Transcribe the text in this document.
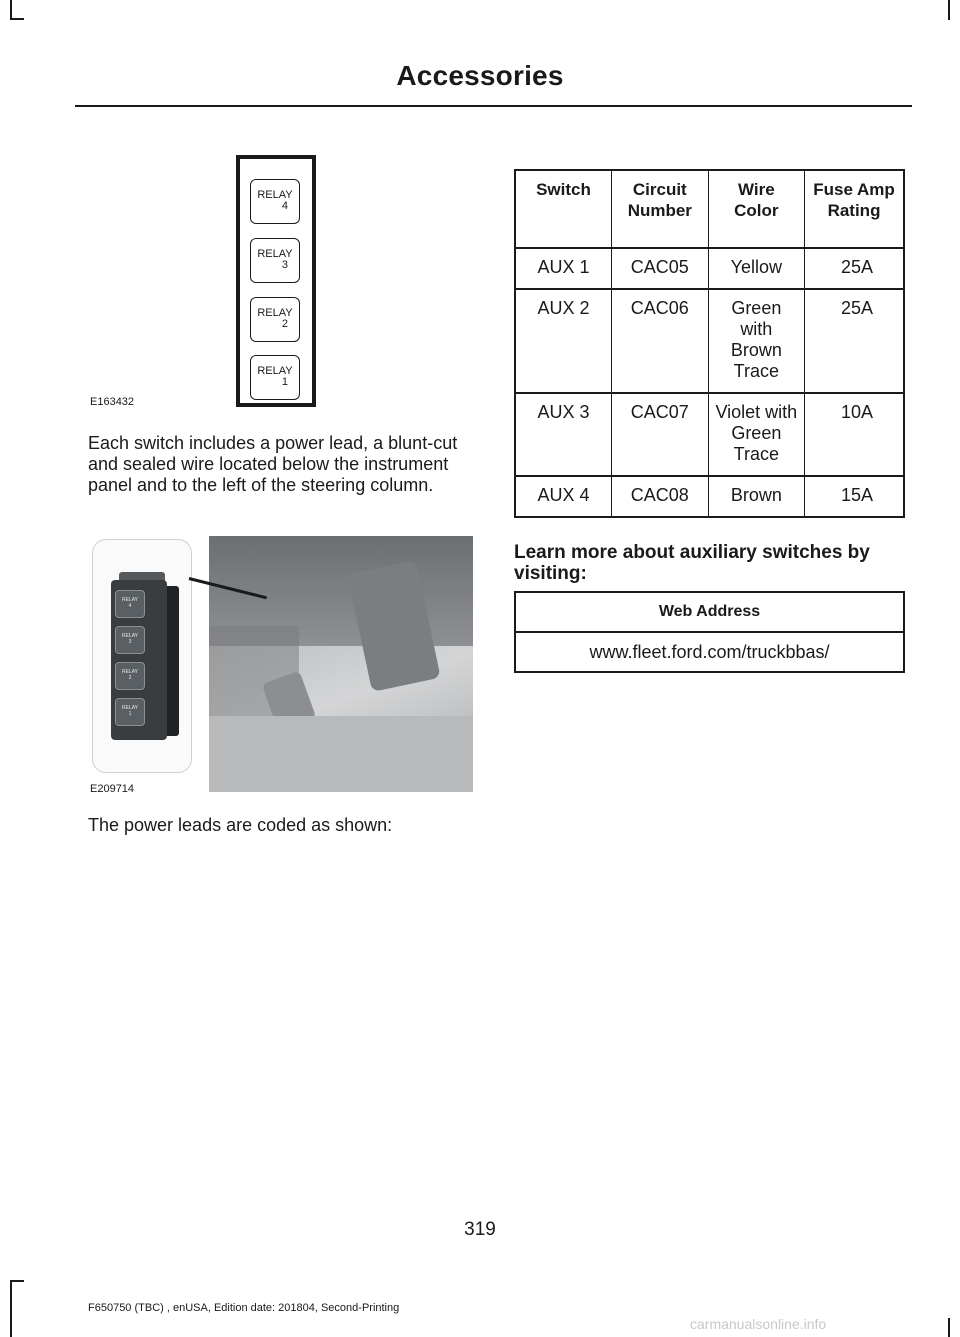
Accessories
RELAY
4
RELAY
3
RELAY
2
RELAY
1
E163432
Each switch includes a power lead, a blunt-cut and sealed wire located below the instrument panel and to the left of the steering column.
RELAY
4
RELAY
3
RELAY
2
RELAY
1
E209714
The power leads are coded as shown:
Switch	Circuit Number	Wire Color	Fuse Amp Rating
AUX 1	CAC05	Yellow	25A
AUX 2	CAC06	Green with Brown Trace	25A
AUX 3	CAC07	Violet with Green Trace	10A
AUX 4	CAC08	Brown	15A
Learn more about auxiliary switches by visiting:
Web Address
www.fleet.ford.com/truckbbas/
319
F650750 (TBC) , enUSA, Edition date: 201804, Second-Printing
carmanualsonline.info
